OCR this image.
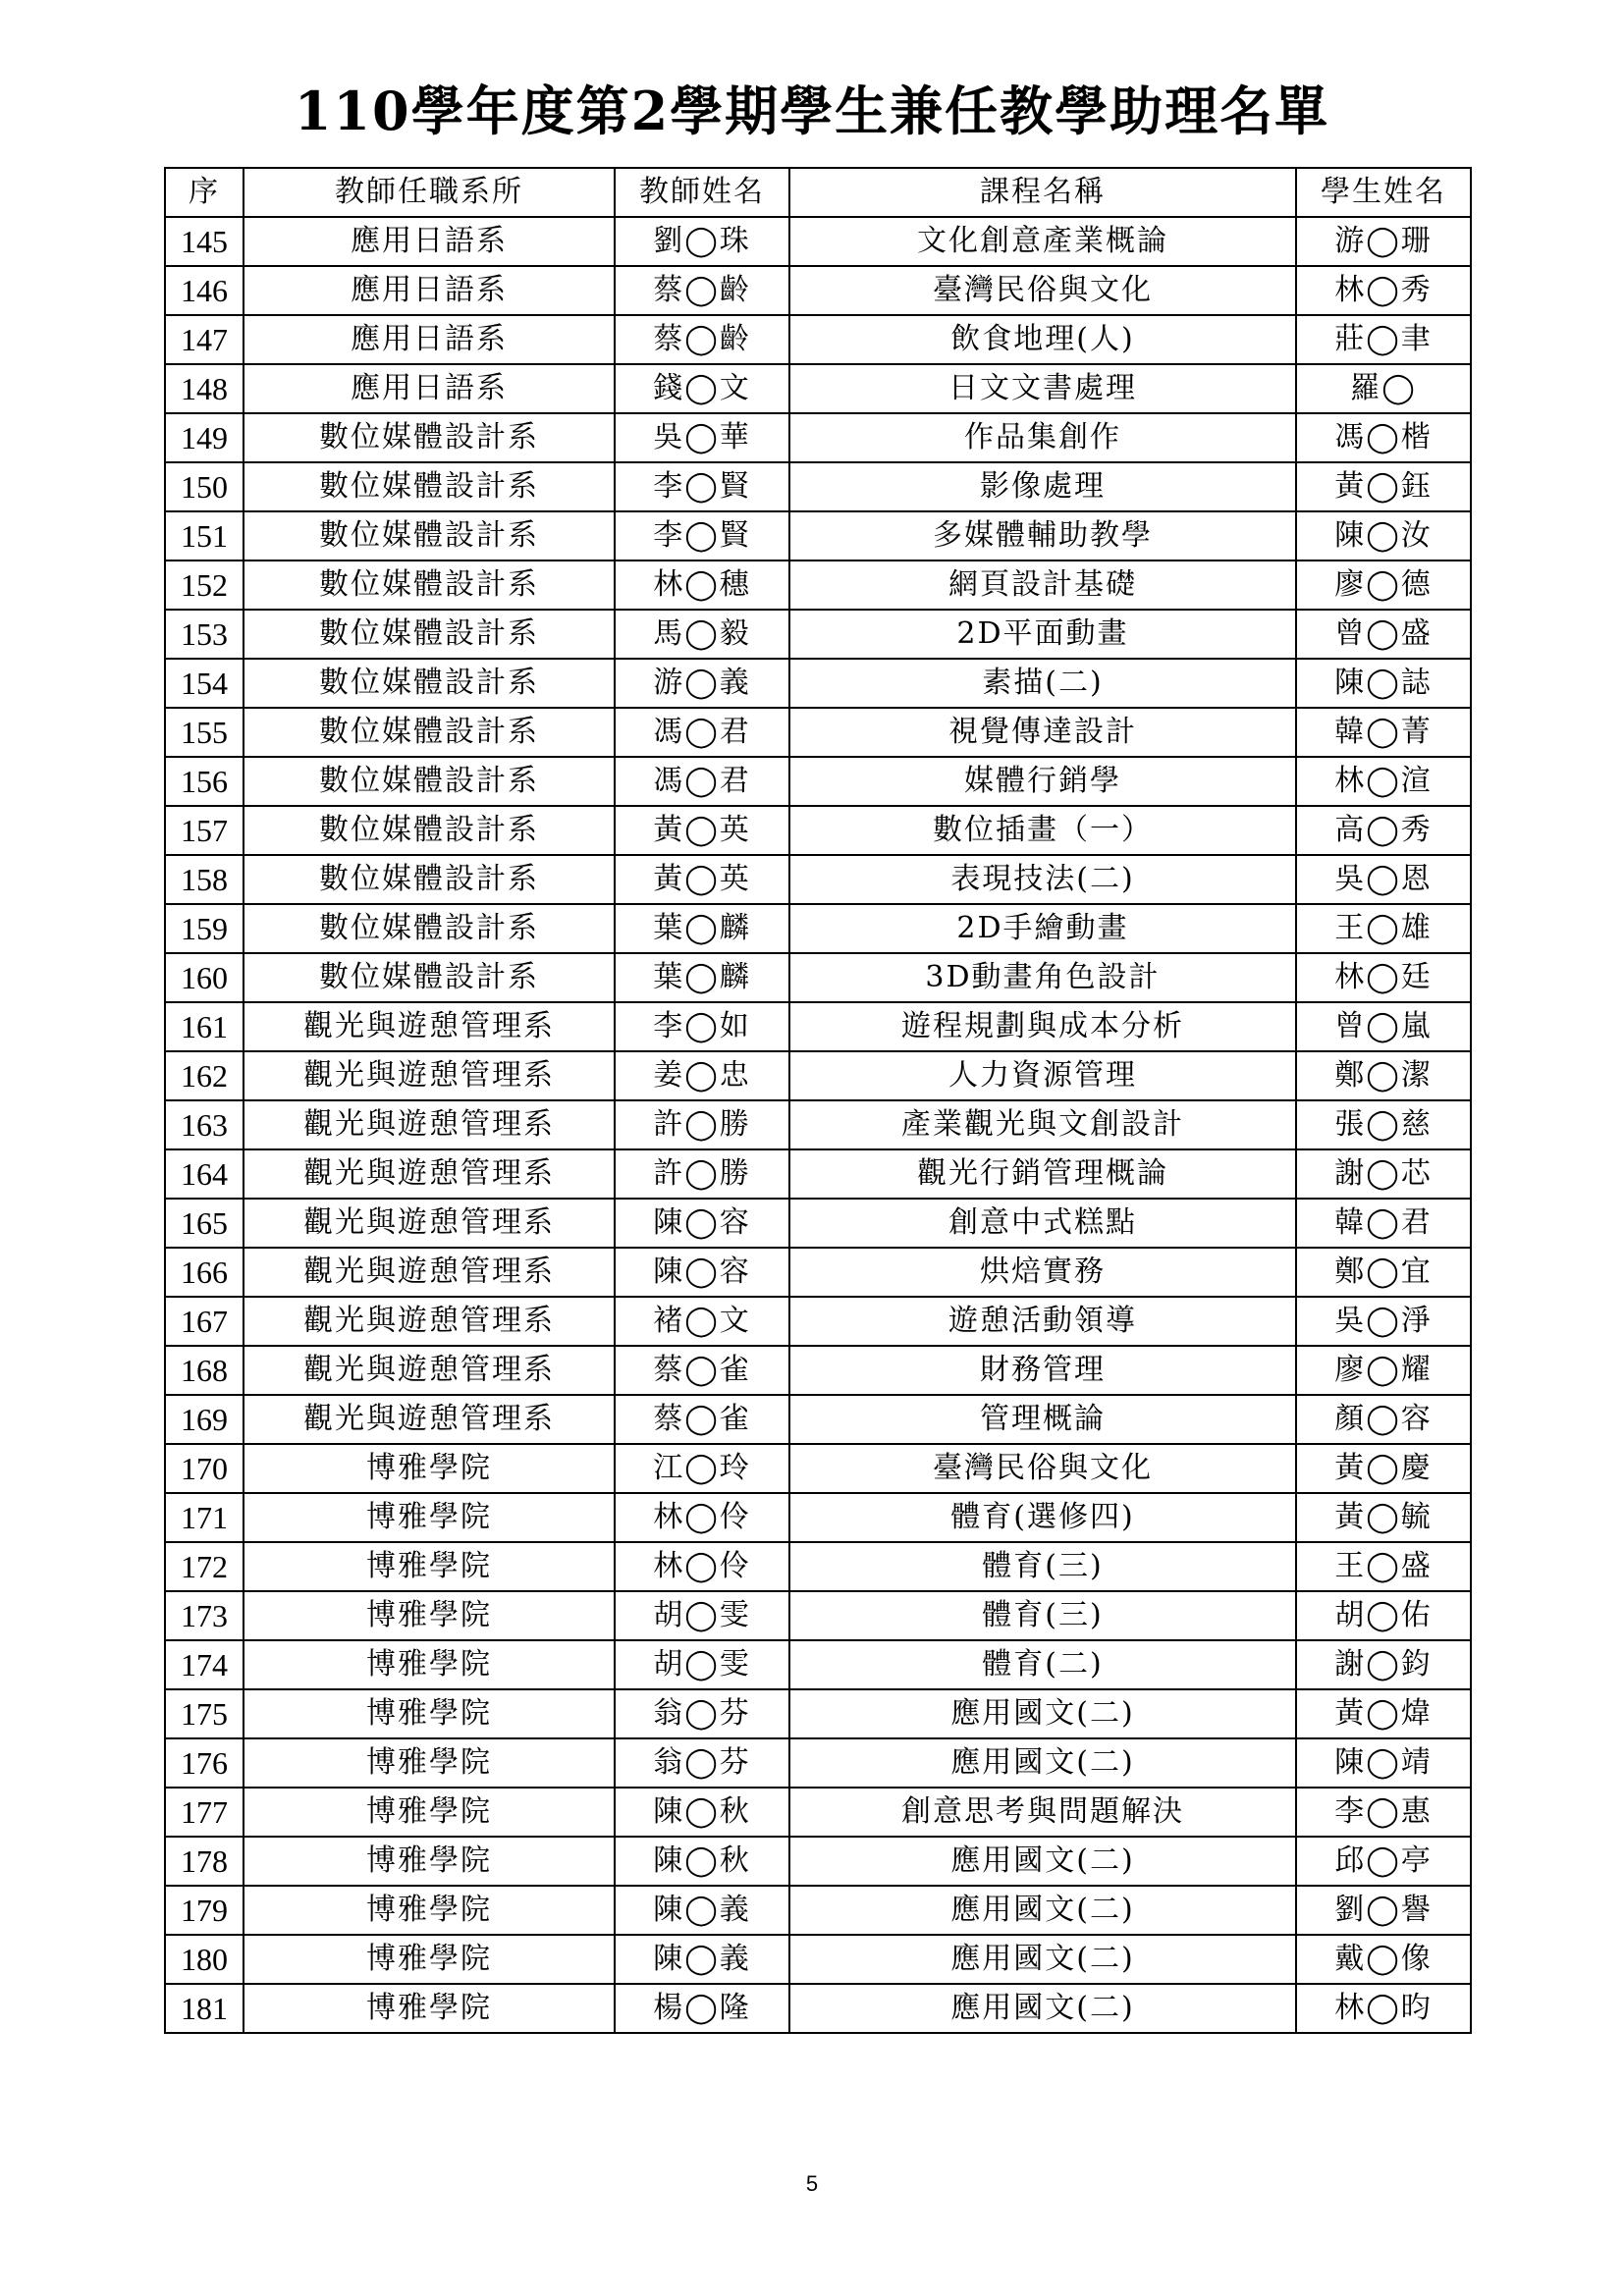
110學年度第2學期學生兼任教學助理名單
序	教師任職系所	教師姓名	課程名稱	學生姓名
145	應用日語系	劉◯珠	文化創意產業概論	游◯珊
146	應用日語系	蔡◯齡	臺灣民俗與文化	林◯秀
147	應用日語系	蔡◯齡	飲食地理(人)	莊◯聿
148	應用日語系	錢◯文	日文文書處理	羅◯
149	數位媒體設計系	吳◯華	作品集創作	馮◯楷
150	數位媒體設計系	李◯賢	影像處理	黃◯鈺
151	數位媒體設計系	李◯賢	多媒體輔助教學	陳◯汝
152	數位媒體設計系	林◯穗	網頁設計基礎	廖◯德
153	數位媒體設計系	馬◯毅	2D平面動畫	曾◯盛
154	數位媒體設計系	游◯義	素描(二)	陳◯誌
155	數位媒體設計系	馮◯君	視覺傳達設計	韓◯菁
156	數位媒體設計系	馮◯君	媒體行銷學	林◯渲
157	數位媒體設計系	黃◯英	數位插畫（一）	高◯秀
158	數位媒體設計系	黃◯英	表現技法(二)	吳◯恩
159	數位媒體設計系	葉◯麟	2D手繪動畫	王◯雄
160	數位媒體設計系	葉◯麟	3D動畫角色設計	林◯廷
161	觀光與遊憩管理系	李◯如	遊程規劃與成本分析	曾◯嵐
162	觀光與遊憩管理系	姜◯忠	人力資源管理	鄭◯潔
163	觀光與遊憩管理系	許◯勝	產業觀光與文創設計	張◯慈
164	觀光與遊憩管理系	許◯勝	觀光行銷管理概論	謝◯芯
165	觀光與遊憩管理系	陳◯容	創意中式糕點	韓◯君
166	觀光與遊憩管理系	陳◯容	烘焙實務	鄭◯宜
167	觀光與遊憩管理系	褚◯文	遊憩活動領導	吳◯淨
168	觀光與遊憩管理系	蔡◯雀	財務管理	廖◯耀
169	觀光與遊憩管理系	蔡◯雀	管理概論	顏◯容
170	博雅學院	江◯玲	臺灣民俗與文化	黃◯慶
171	博雅學院	林◯伶	體育(選修四)	黃◯毓
172	博雅學院	林◯伶	體育(三)	王◯盛
173	博雅學院	胡◯雯	體育(三)	胡◯佑
174	博雅學院	胡◯雯	體育(二)	謝◯鈞
175	博雅學院	翁◯芬	應用國文(二)	黃◯煒
176	博雅學院	翁◯芬	應用國文(二)	陳◯靖
177	博雅學院	陳◯秋	創意思考與問題解決	李◯惠
178	博雅學院	陳◯秋	應用國文(二)	邱◯亭
179	博雅學院	陳◯義	應用國文(二)	劉◯譽
180	博雅學院	陳◯義	應用國文(二)	戴◯像
181	博雅學院	楊◯隆	應用國文(二)	林◯昀
5
